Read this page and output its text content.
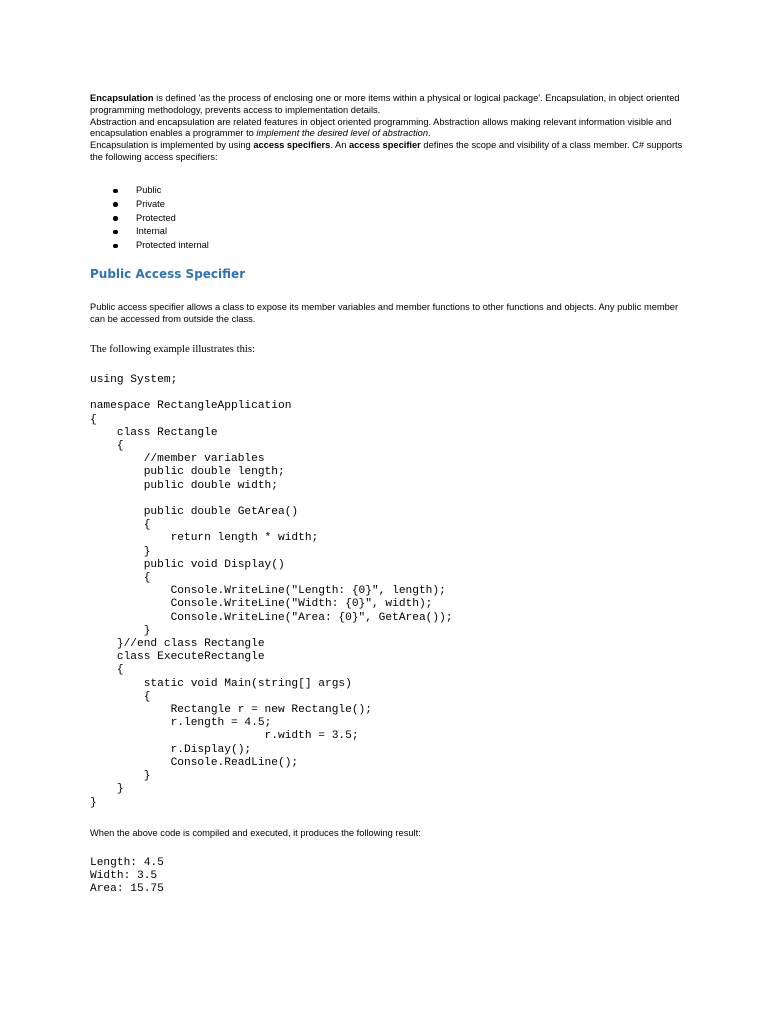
Encapsulation is defined 'as the process of enclosing one or more items within a physical or logical package'. Encapsulation, in object oriented programming methodology, prevents access to implementation details.
Abstraction and encapsulation are related features in object oriented programming. Abstraction allows making relevant information visible and encapsulation enables a programmer to implement the desired level of abstraction.
Encapsulation is implemented by using access specifiers. An access specifier defines the scope and visibility of a class member. C# supports the following access specifiers:

Public
Private
Protected
Internal
Protected internal
Public Access Specifier

Public access specifier allows a class to expose its member variables and member functions to other functions and objects. Any public member can be accessed from outside the class.

The following example illustrates this:

using System;

namespace RectangleApplication
{
class Rectangle
{
//member variables
public double length;
public double width;

public double GetArea()
{
return length * width;
}
public void Display()
{
Console.WriteLine("Length: {0}", length);
Console.WriteLine("Width: {0}", width);
Console.WriteLine("Area: {0}", GetArea());
}
}//end class Rectangle
class ExecuteRectangle
{
static void Main(string[] args)
{
Rectangle r = new Rectangle();
r.length = 4.5;
r.width = 3.5;
r.Display();
Console.ReadLine();
}
}
}

When the above code is compiled and executed, it produces the following result:

Length: 4.5
Width: 3.5
Area: 15.75
